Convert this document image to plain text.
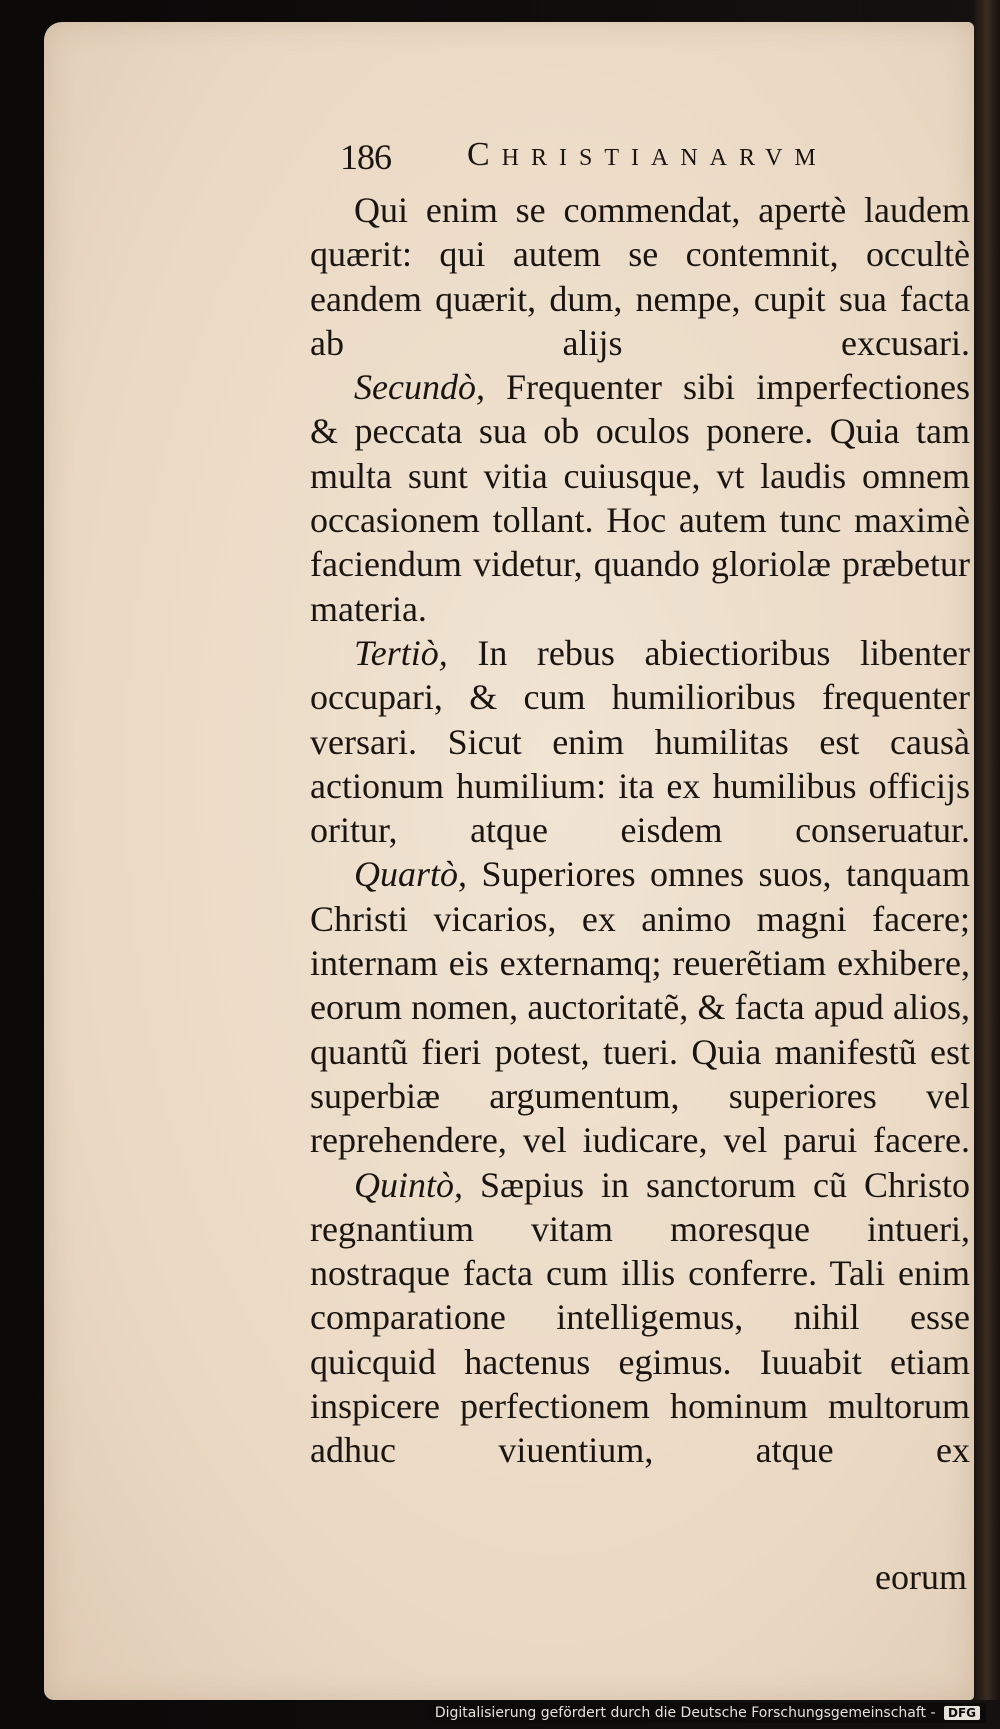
186 Christianarvm

Qui enim se commendat, apertè laudem quærit: qui autem se contemnit, occultè eandem quærit, dum, nempe, cupit sua facta ab alijs excusari.

Secundò, Frequenter sibi imperfectiones & peccata sua ob oculos ponere. Quia tam multa sunt vitia cuiusque, vt laudis omnem occasionem tollant. Hoc autem tunc maximè faciendum videtur, quando gloriolæ præbetur materia.

Tertiò, In rebus abiectioribus libenter occupari, & cum humilioribus frequenter versari. Sicut enim humilitas est causà actionum humilium: ita ex humilibus officijs oritur, atque eisdem conseruatur.

Quartò, Superiores omnes suos, tanquam Christi vicarios, ex animo magni facere; internam eis externamq; reuerẽtiam exhibere, eorum nomen, auctoritatẽ, & facta apud alios, quantũ fieri potest, tueri. Quia manifestũ est superbiæ argumentum, superiores vel reprehendere, vel iudicare, vel parui facere.

Quintò, Sæpius in sanctorum cũ Christo regnantium vitam moresque intueri, nostraque facta cum illis conferre. Tali enim comparatione intelligemus, nihil esse quicquid hactenus egimus. Iuuabit etiam inspicere perfectionem hominum multorum adhuc viuentium, atque ex

eorum
Digitalisierung gefördert durch die Deutsche Forschungsgemeinschaft - DFG
